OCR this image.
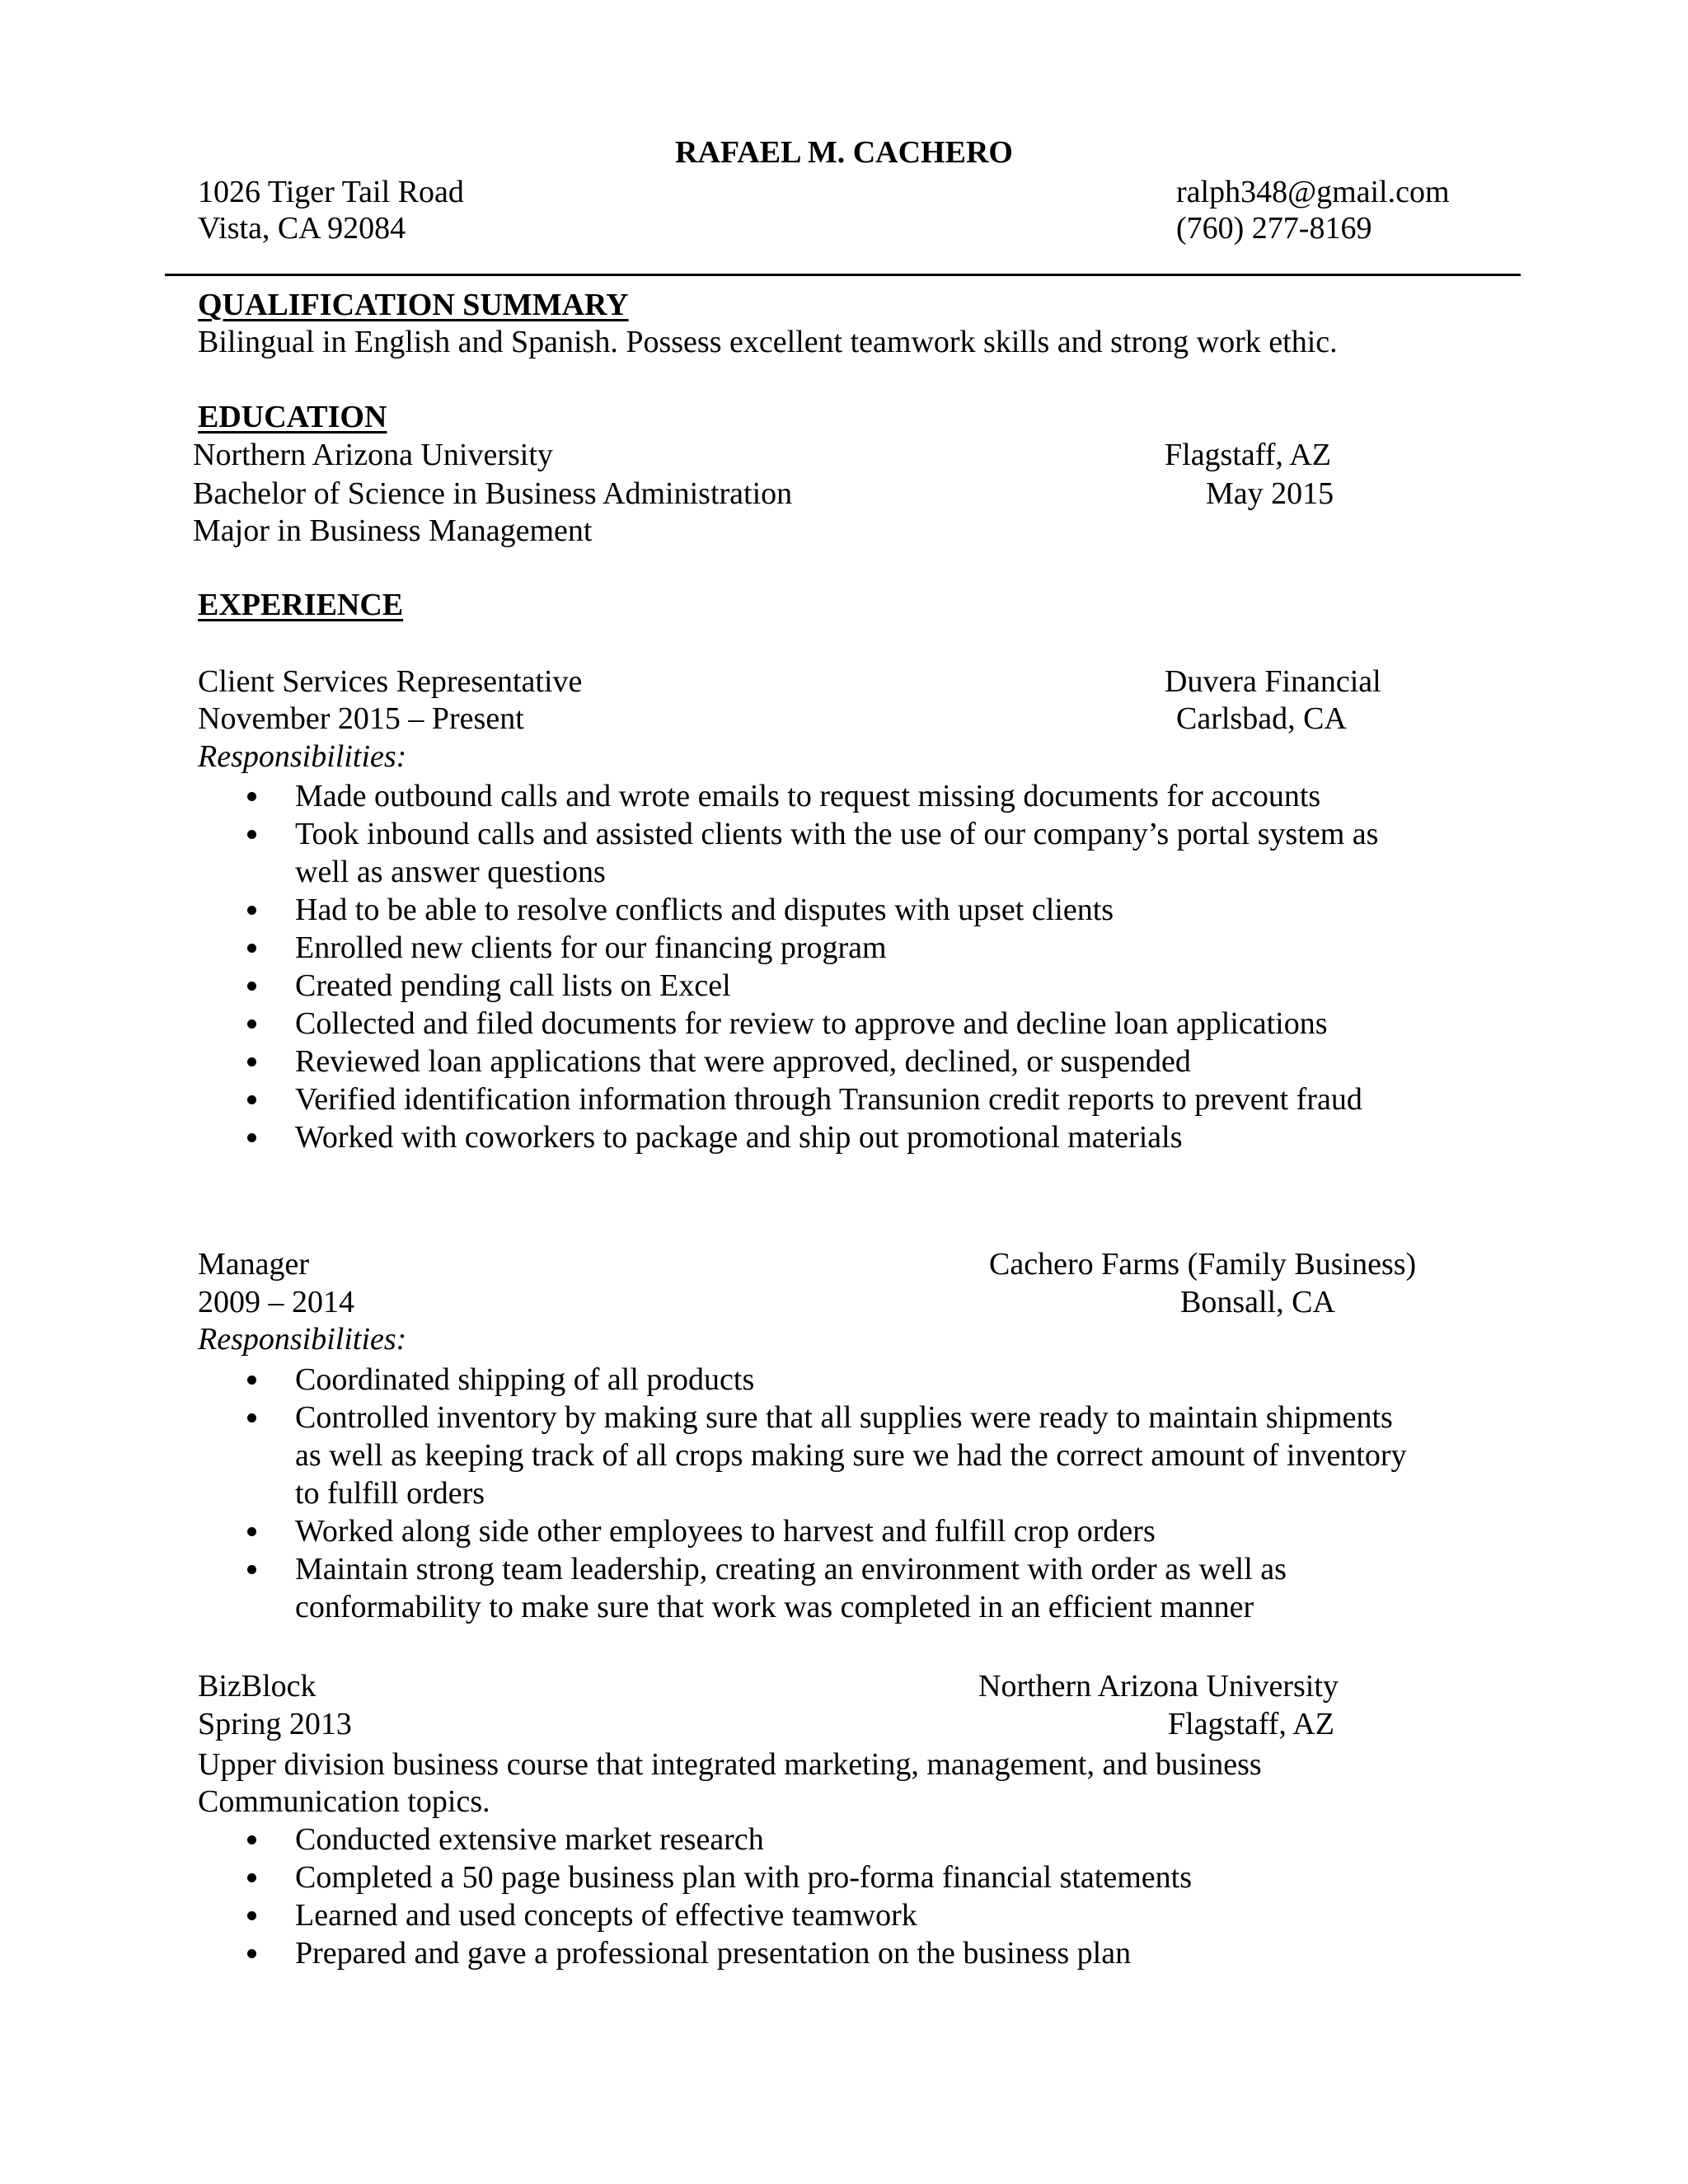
RAFAEL M. CACHERO
1026 Tiger Tail Road
Vista, CA 92084
ralph348@gmail.com
(760) 277-8169
QUALIFICATION SUMMARY
Bilingual in English and Spanish. Possess excellent teamwork skills and strong work ethic.
EDUCATION
Northern Arizona University	Flagstaff, AZ
Bachelor of Science in Business Administration	May 2015
Major in Business Management
EXPERIENCE
Client Services Representative	Duvera Financial
November 2015 – Present	Carlsbad, CA
Responsibilities:
Made outbound calls and wrote emails to request missing documents for accounts
Took inbound calls and assisted clients with the use of our company’s portal system as
well as answer questions
Had to be able to resolve conflicts and disputes with upset clients
Enrolled new clients for our financing program
Created pending call lists on Excel
Collected and filed documents for review to approve and decline loan applications
Reviewed loan applications that were approved, declined, or suspended
Verified identification information through Transunion credit reports to prevent fraud
Worked with coworkers to package and ship out promotional materials
Manager	Cachero Farms (Family Business)
2009 – 2014	Bonsall, CA
Responsibilities:
Coordinated shipping of all products
Controlled inventory by making sure that all supplies were ready to maintain shipments
as well as keeping track of all crops making sure we had the correct amount of inventory
to fulfill orders
Worked along side other employees to harvest and fulfill crop orders
Maintain strong team leadership, creating an environment with order as well as
conformability to make sure that work was completed in an efficient manner
BizBlock	Northern Arizona University
Spring 2013	Flagstaff, AZ
Upper division business course that integrated marketing, management, and business
Communication topics.
Conducted extensive market research
Completed a 50 page business plan with pro-forma financial statements
Learned and used concepts of effective teamwork
Prepared and gave a professional presentation on the business plan
